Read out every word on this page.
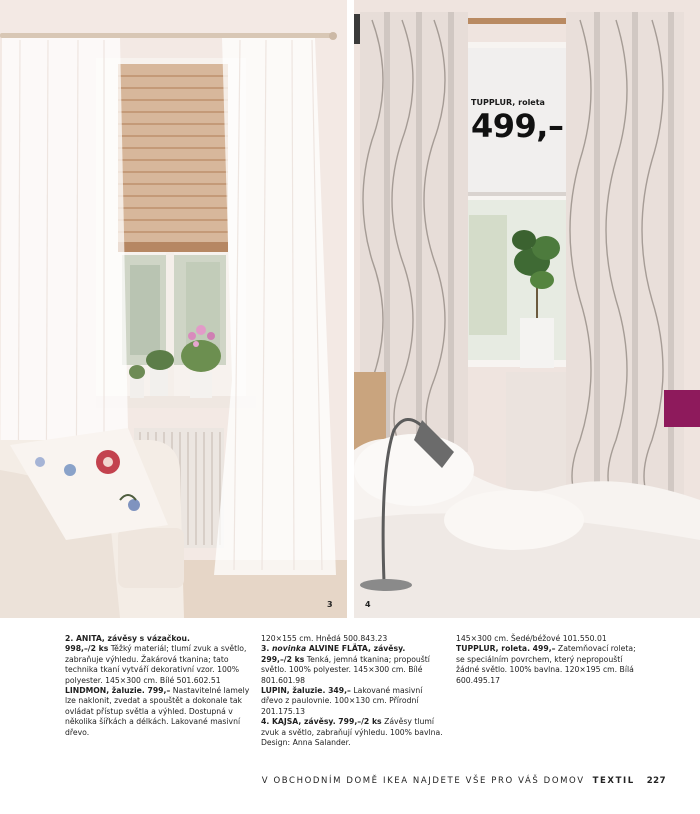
3	4
TUPPLUR, roleta
499,–

2. ANITA, závěsy s vázačkou.

998,–/2 ks Těžký materiál; tlumí zvuk a světlo, zabraňuje výhledu. Žakárová tkanina; tato technika tkaní vytváří dekorativní vzor. 100% polyester. 145×300 cm. Bílé 501.602.51

LINDMON, žaluzie. 799,– Nastavitelné lamely lze naklonit, zvedat a spouštět a dokonale tak ovládat přístup světla a výhled. Dostupná v několika šířkách a délkách. Lakované masivní dřevo.

120×155 cm. Hnědá 500.843.23

3. novinka ALVINE FLÄTA, závěsy.

299,–/2 ks Tenká, jemná tkanina; propouští světlo. 100% polyester. 145×300 cm. Bílé 801.601.98

LUPIN, žaluzie. 349,– Lakované masivní dřevo z paulovnie. 100×130 cm. Přírodní 201.175.13

4. KAJSA, závěsy. 799,–/2 ks Závěsy tlumí zvuk a světlo, zabraňují výhledu. 100% bavlna. Design: Anna Salander.

145×300 cm. Šedé/béžové 101.550.01

TUPPLUR, roleta. 499,– Zatemňovací roleta; se speciálním povrchem, který nepropouští žádné světlo. 100% bavlna. 120×195 cm. Bílá 600.495.17

V OBCHODNÍM DOMĚ IKEA NAJDETE VŠE PRO VÁŠ DOMOV TEXTIL 227
